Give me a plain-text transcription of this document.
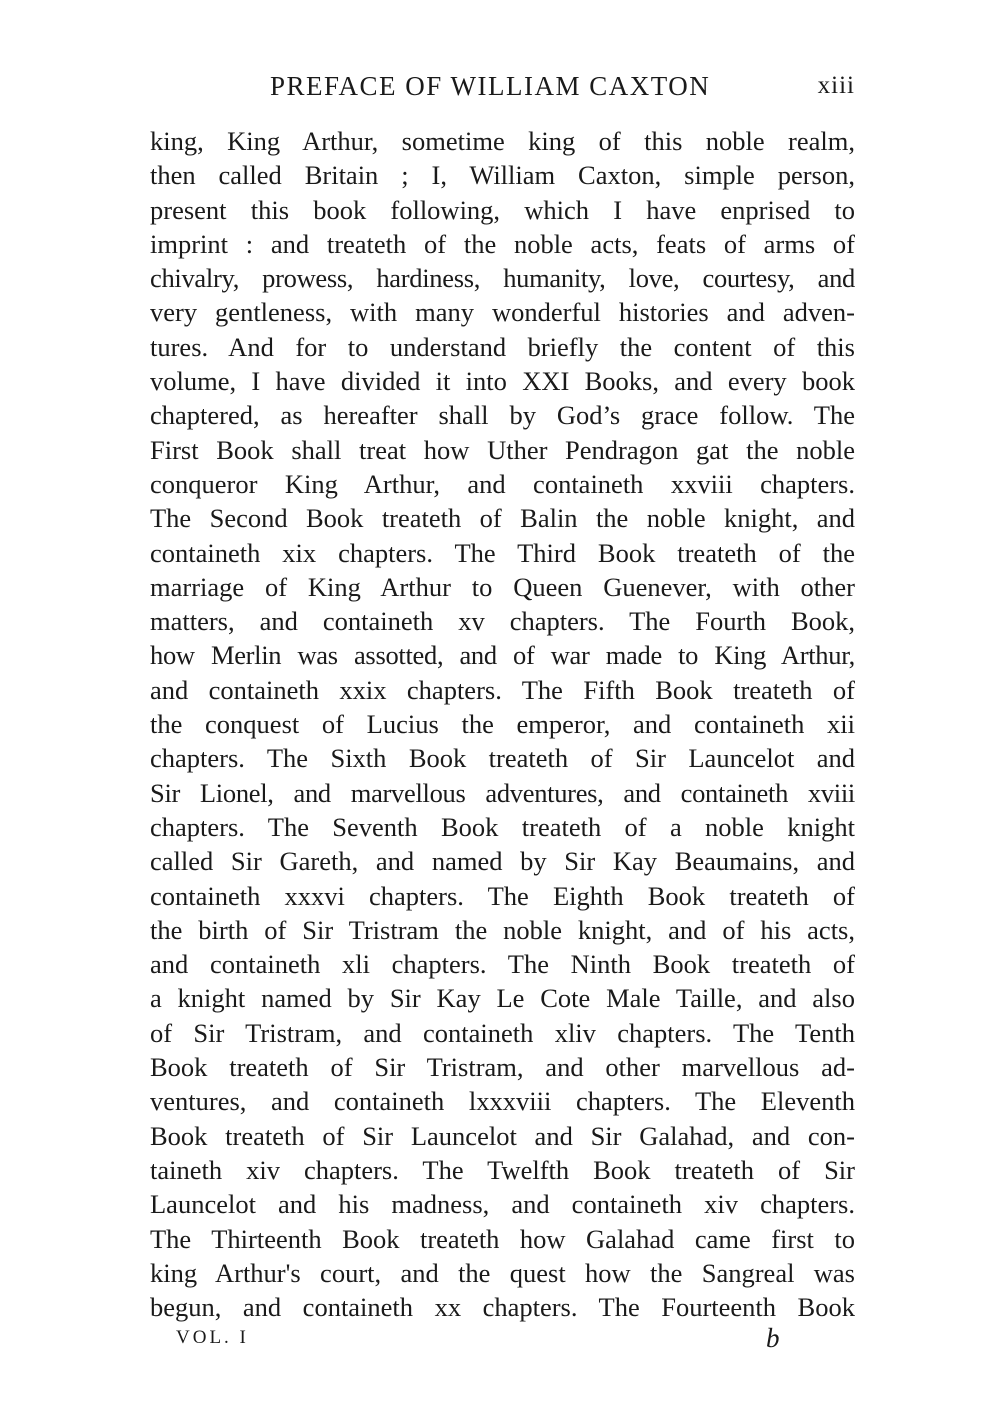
PREFACE OF WILLIAM CAXTON	xiii
king, King Arthur, sometime king of this noble realm,
then called Britain ; I, William Caxton, simple person,
present this book following, which I have enprised to
imprint : and treateth of the noble acts, feats of arms of
chivalry, prowess, hardiness, humanity, love, courtesy, and
very gentleness, with many wonderful histories and adven-
tures. And for to understand briefly the content of this
volume, I have divided it into XXI Books, and every book
chaptered, as hereafter shall by God’s grace follow. The
First Book shall treat how Uther Pendragon gat the noble
conqueror King Arthur, and containeth xxviii chapters.
The Second Book treateth of Balin the noble knight, and
containeth xix chapters. The Third Book treateth of the
marriage of King Arthur to Queen Guenever, with other
matters, and containeth xv chapters. The Fourth Book,
how Merlin was assotted, and of war made to King Arthur,
and containeth xxix chapters. The Fifth Book treateth of
the conquest of Lucius the emperor, and containeth xii
chapters. The Sixth Book treateth of Sir Launcelot and
Sir Lionel, and marvellous adventures, and containeth xviii
chapters. The Seventh Book treateth of a noble knight
called Sir Gareth, and named by Sir Kay Beaumains, and
containeth xxxvi chapters. The Eighth Book treateth of
the birth of Sir Tristram the noble knight, and of his acts,
and containeth xli chapters. The Ninth Book treateth of
a knight named by Sir Kay Le Cote Male Taille, and also
of Sir Tristram, and containeth xliv chapters. The Tenth
Book treateth of Sir Tristram, and other marvellous ad-
ventures, and containeth lxxxviii chapters. The Eleventh
Book treateth of Sir Launcelot and Sir Galahad, and con-
taineth xiv chapters. The Twelfth Book treateth of Sir
Launcelot and his madness, and containeth xiv chapters.
The Thirteenth Book treateth how Galahad came first to
king Arthur's court, and the quest how the Sangreal was
begun, and containeth xx chapters. The Fourteenth Book
VOL. I	b
